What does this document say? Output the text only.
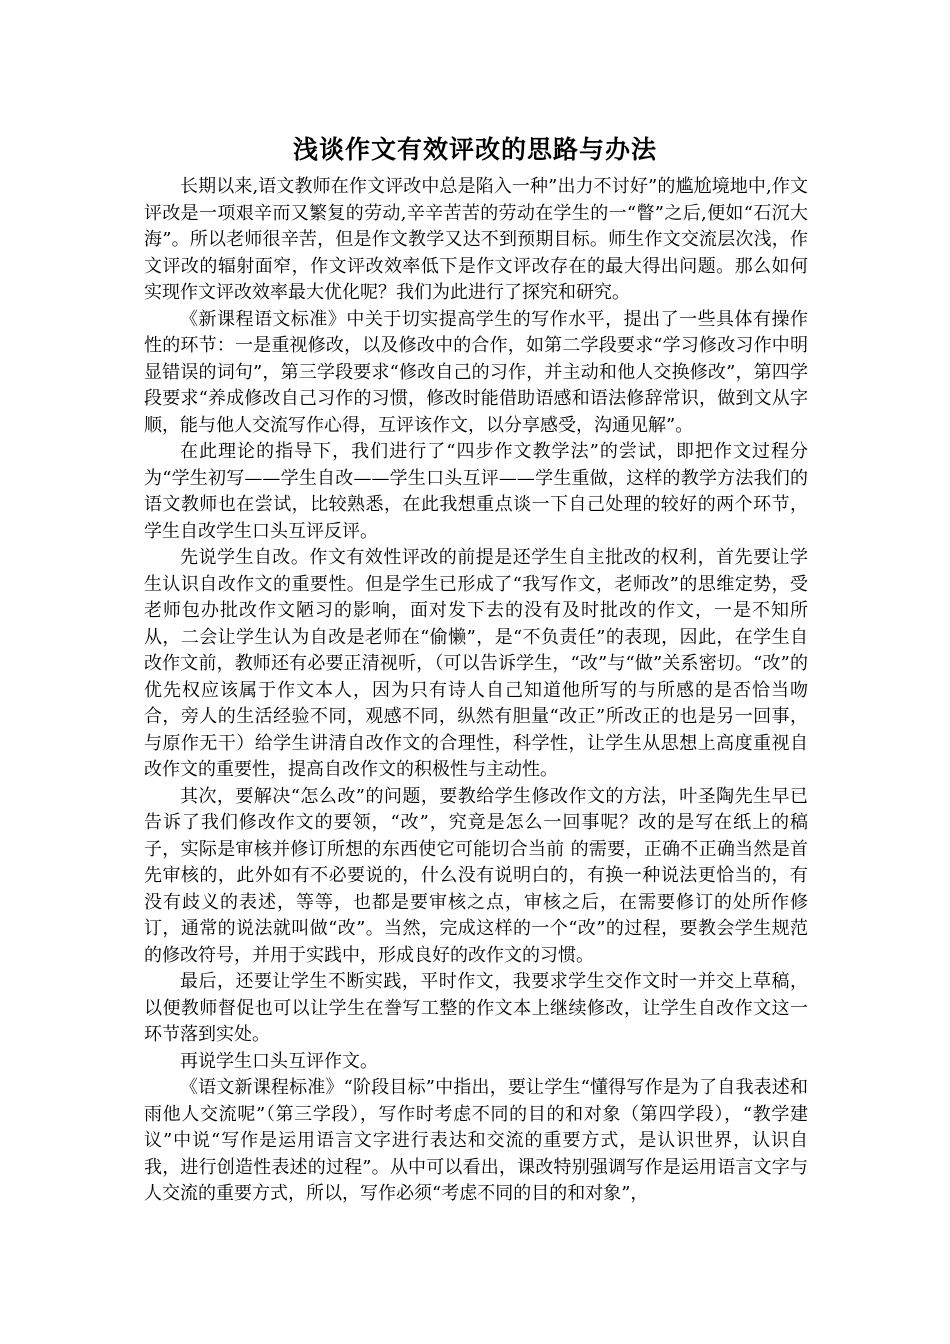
浅谈作文有效评改的思路与办法

长期以来,语文教师在作文评改中总是陷入一种”出力不讨好”的尴尬境地中,作文评改是一项艰辛而又繁复的劳动,辛辛苦苦的劳动在学生的一“瞥”之后,便如“石沉大海”。所以老师很辛苦，但是作文教学又达不到预期目标。师生作文交流层次浅，作文评改的辐射面窄，作文评改效率低下是作文评改存在的最大得出问题。那么如何实现作文评改效率最大优化呢？我们为此进行了探究和研究。

《新课程语文标准》中关于切实提高学生的写作水平，提出了一些具体有操作性的环节：一是重视修改，以及修改中的合作，如第二学段要求“学习修改习作中明显错误的词句”，第三学段要求“修改自己的习作，并主动和他人交换修改”，第四学段要求“养成修改自己习作的习惯，修改时能借助语感和语法修辞常识，做到文从字顺，能与他人交流写作心得，互评该作文，以分享感受，沟通见解”。

在此理论的指导下，我们进行了“四步作文教学法”的尝试，即把作文过程分为“学生初写——学生自改——学生口头互评——学生重做，这样的教学方法我们的语文教师也在尝试，比较熟悉，在此我想重点谈一下自己处理的较好的两个环节，学生自改学生口头互评反评。

先说学生自改。作文有效性评改的前提是还学生自主批改的权利，首先要让学生认识自改作文的重要性。但是学生已形成了“我写作文，老师改”的思维定势，受老师包办批改作文陋习的影响，面对发下去的没有及时批改的作文，一是不知所从，二会让学生认为自改是老师在“偷懒”，是“不负责任”的表现，因此，在学生自改作文前，教师还有必要正清视听，（可以告诉学生，“改”与“做”关系密切。“改”的优先权应该属于作文本人，因为只有诗人自己知道他所写的与所感的是否恰当吻合，旁人的生活经验不同，观感不同，纵然有胆量“改正”所改正的也是另一回事，与原作无干）给学生讲清自改作文的合理性，科学性，让学生从思想上高度重视自改作文的重要性，提高自改作文的积极性与主动性。

其次，要解决“怎么改”的问题，要教给学生修改作文的方法，叶圣陶先生早已告诉了我们修改作文的要领，“改”，究竟是怎么一回事呢？改的是写在纸上的稿子，实际是审核并修订所想的东西使它可能切合当前 的需要，正确不正确当然是首先审核的，此外如有不必要说的，什么没有说明白的，有换一种说法更恰当的，有没有歧义的表述，等等，也都是要审核之点，审核之后，在需要修订的处所作修订，通常的说法就叫做“改”。当然，完成这样的一个“改”的过程，要教会学生规范的修改符号，并用于实践中，形成良好的改作文的习惯。

最后，还要让学生不断实践，平时作文，我要求学生交作文时一并交上草稿，以便教师督促也可以让学生在誊写工整的作文本上继续修改，让学生自改作文这一环节落到实处。

再说学生口头互评作文。

《语文新课程标准》“阶段目标”中指出，要让学生“懂得写作是为了自我表述和雨他人交流呢”（第三学段），写作时考虑不同的目的和对象（第四学段），“教学建议”中说“写作是运用语言文字进行表达和交流的重要方式，是认识世界，认识自我，进行创造性表述的过程”。从中可以看出，课改特别强调写作是运用语言文字与人交流的重要方式，所以，写作必须“考虑不同的目的和对象”，
